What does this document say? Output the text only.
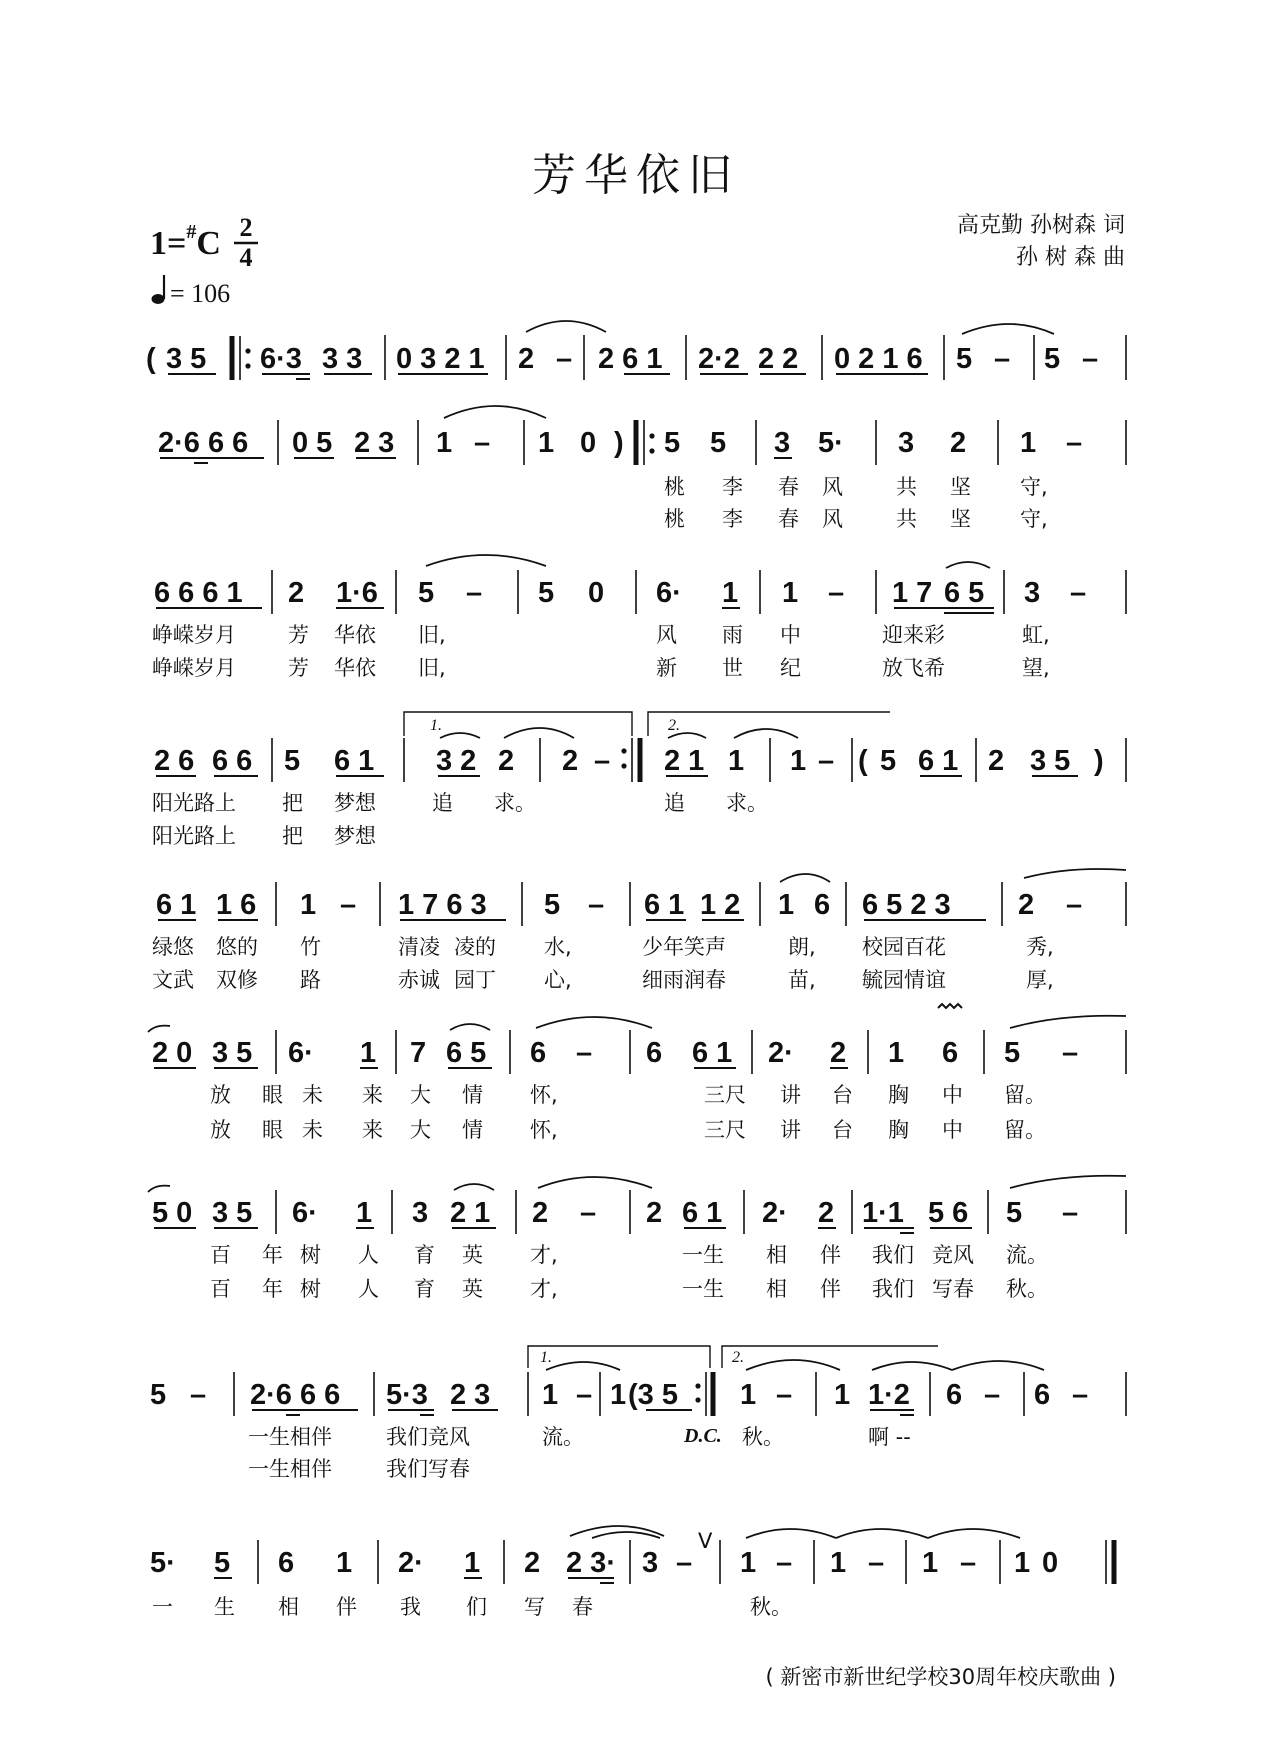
芳华依旧
高克勤 孙树森 词
孙 树 森 曲
1=#C 2
4
= 106
( 3 5 6·3 3 3 0 3 2 1 2 – 2 6 1 2·2 2 2 0 2 1 6 5 – 5 –
2·6 6 6 0 5 2 3 1 – 1 0 ) 5 5 3 5· 3 2 1 –
桃 李 春 风	共 坚 守,
桃 李 春 风	共 坚 守,
6 6 6 1 2 1·6 5 – 5 0 6· 1 1 – 1 7 6 5 3 –
峥嵘岁月 芳 华依 旧,	风 雨 中	迎来彩	虹,
峥嵘岁月 芳 华依 旧,	新 世 纪	放飞希	望,
2 6 6 6 5 6 1
1.
3 2 2 2 –
2.
2 1 1 1 – ( 5 6 1 2 3 5 )
阳光路上 把 梦想	追 求。	追 求。
阳光路上 把 梦想
6 1 1 6 1 – 1 7 6 3 5 – 6 1 1 2 1 6 6 5 2 3 2 –
绿悠 悠的 竹	清凌 凌的 水,	少年笑声	朗, 校园百花	秀,
文武 双修 路	赤诚 园丁 心,	细雨润春	苗, 毓园情谊	厚,
2 0 3 5 6· 1 7 6 5 6 – 6 6 1 2· 2 1 6 5 –
放 眼 未 来 大 情 怀,	三尺 讲 台 胸 中 留。
放 眼 未 来 大 情 怀,	三尺 讲 台 胸 中 留。
5 0 3 5 6· 1 3 2 1 2 – 2 6 1 2· 2 1·1 5 6 5 –
百 年 树 人 育 英 才,	一生 相 伴 我们 竞风 流。
百 年 树 人 育 英 才,	一生 相 伴 我们 写春 秋。
5 – 2·6 6 6 5·3 2 3
1.
1 – 1 (3 5
2.
1 – 1 1·2 6 – 6 –
一生相伴	我们竞风	流。	D.C. 秋。	啊 --
一生相伴	我们写春
5· 5 6 1 2· 1 2 2 3· 3 –
V
1 – 1 – 1 – 1 0
一 生 相 伴 我 们 写 春	秋。
( 新密市新世纪学校30周年校庆歌曲 )
